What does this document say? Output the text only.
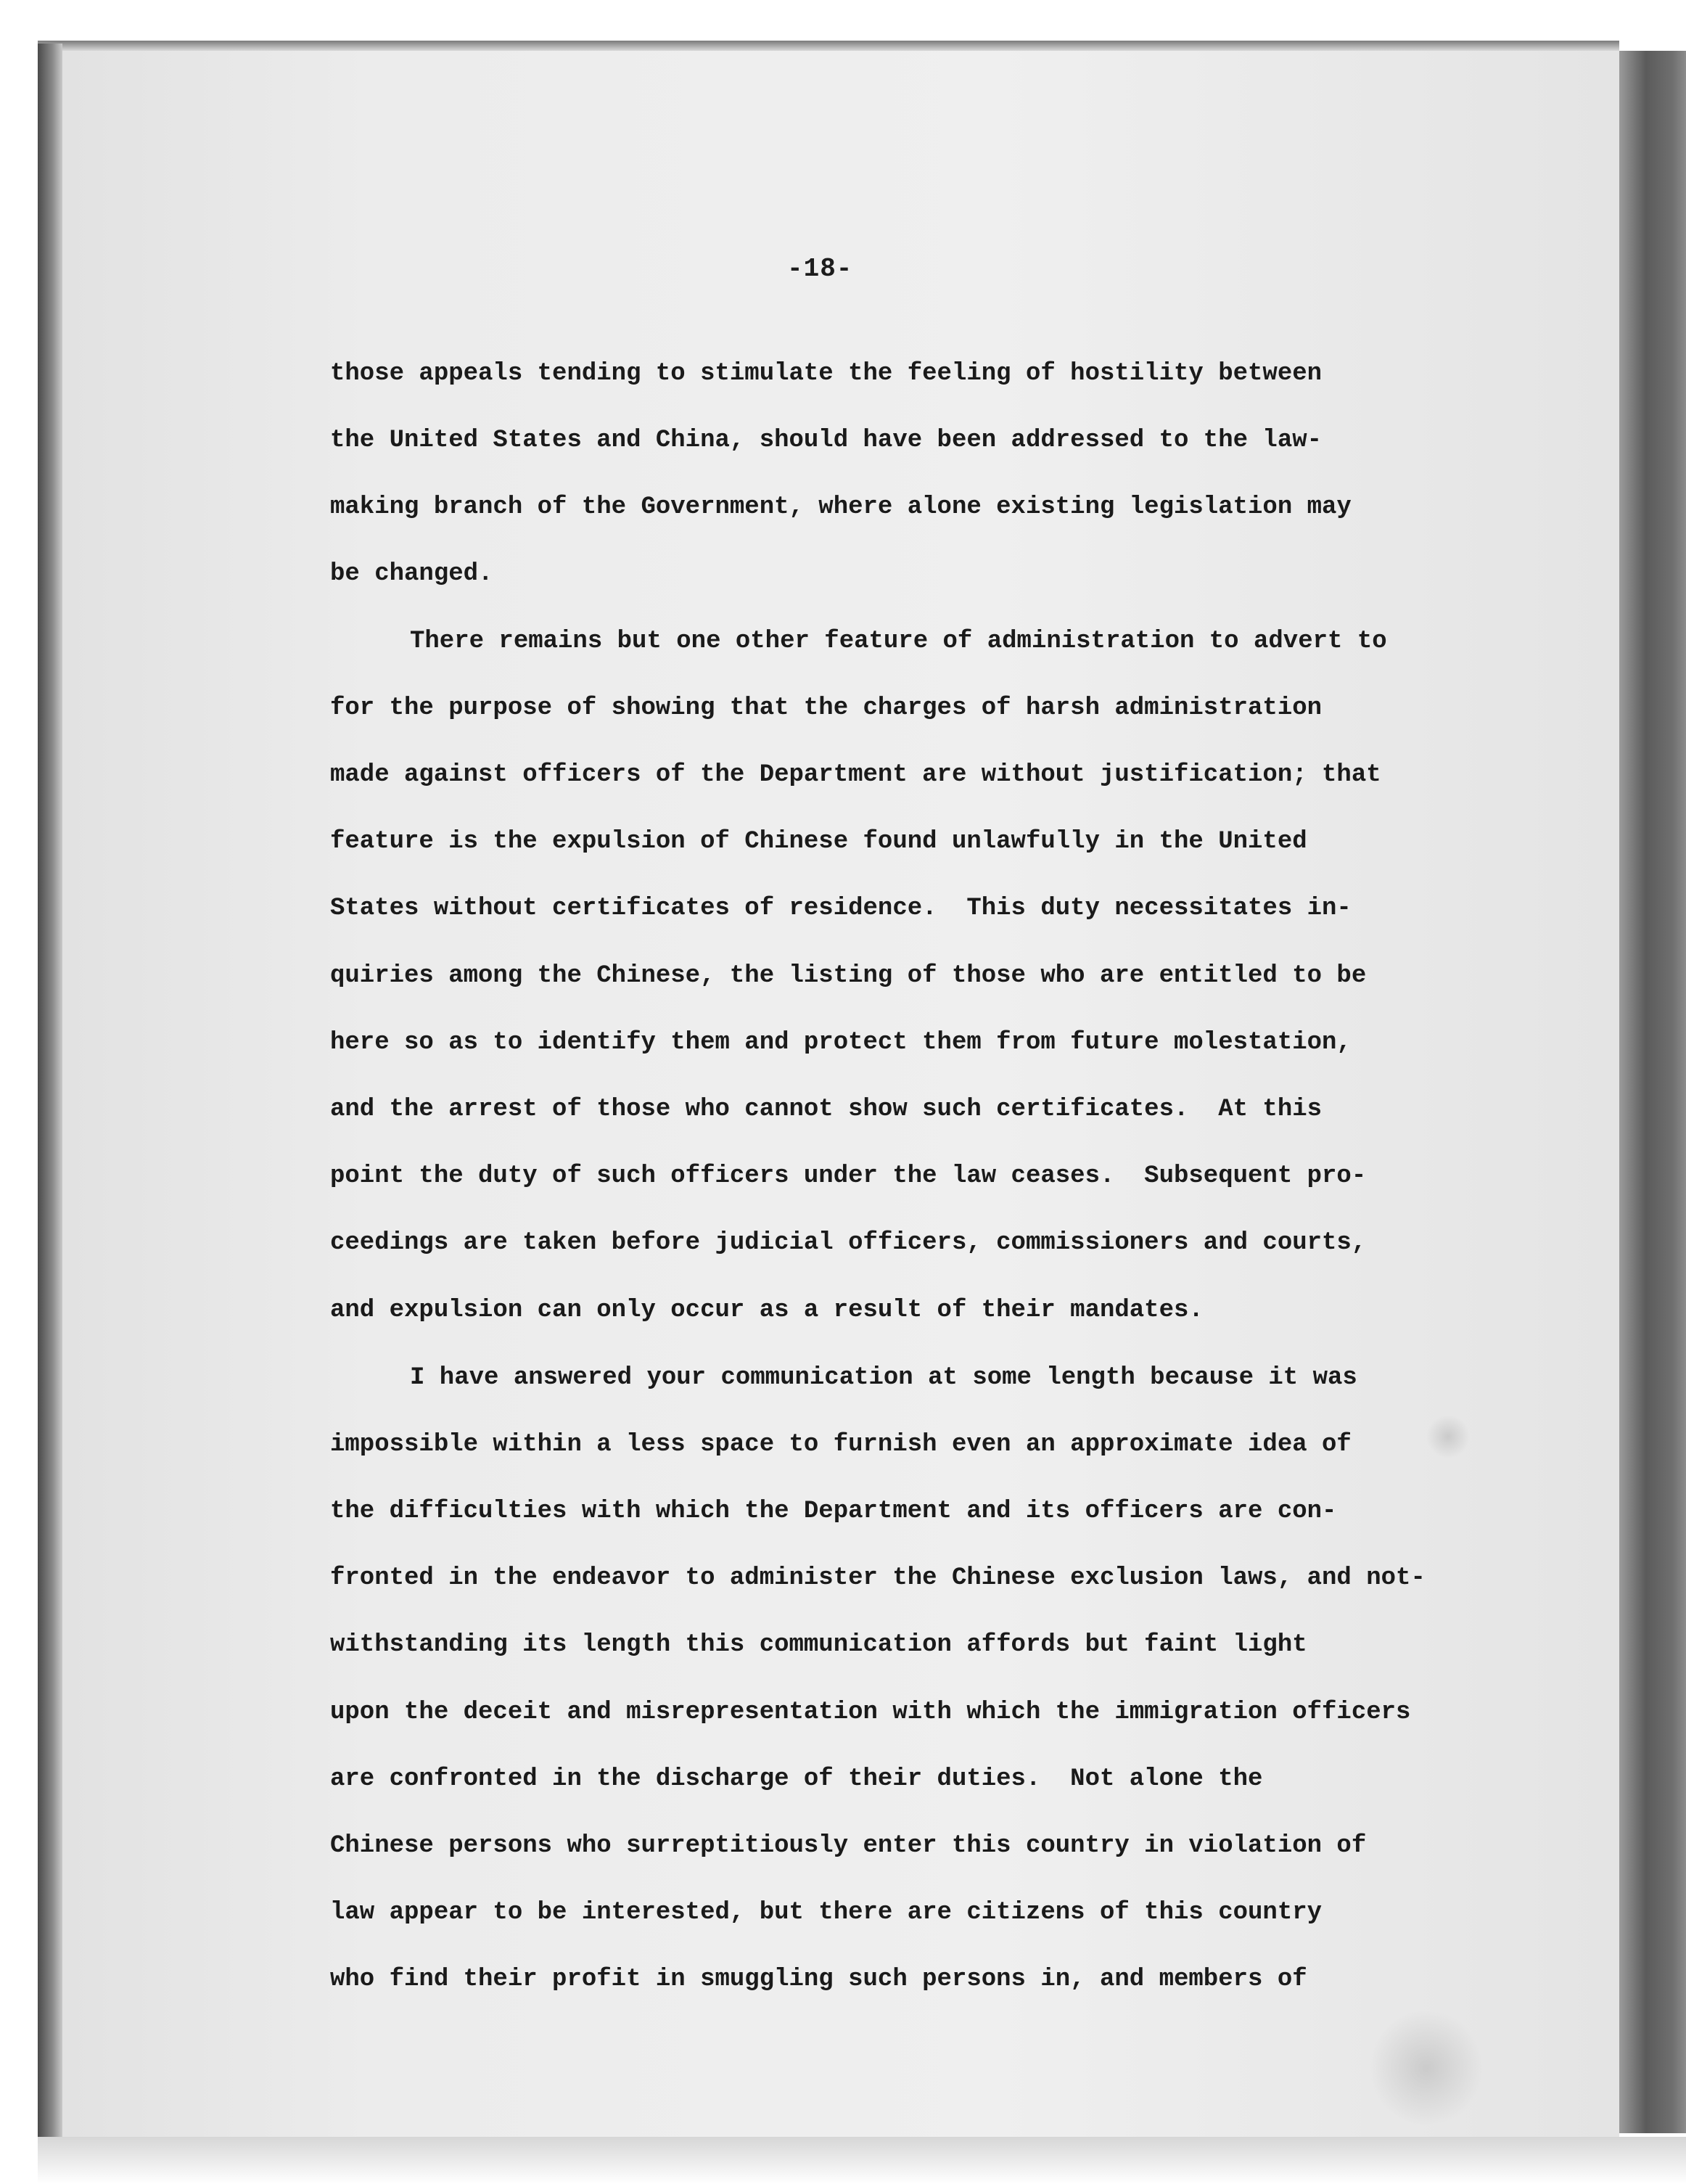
-18-
those appeals tending to stimulate the feeling of hostility between
the United States and China, should have been addressed to the law-
making branch of the Government, where alone existing legislation may
be changed.
There remains but one other feature of administration to advert to
for the purpose of showing that the charges of harsh administration
made against officers of the Department are without justification; that
feature is the expulsion of Chinese found unlawfully in the United
States without certificates of residence.  This duty necessitates in-
quiries among the Chinese, the listing of those who are entitled to be
here so as to identify them and protect them from future molestation,
and the arrest of those who cannot show such certificates.  At this
point the duty of such officers under the law ceases.  Subsequent pro-
ceedings are taken before judicial officers, commissioners and courts,
and expulsion can only occur as a result of their mandates.
I have answered your communication at some length because it was
impossible within a less space to furnish even an approximate idea of
the difficulties with which the Department and its officers are con-
fronted in the endeavor to administer the Chinese exclusion laws, and not-
withstanding its length this communication affords but faint light
upon the deceit and misrepresentation with which the immigration officers
are confronted in the discharge of their duties.  Not alone the
Chinese persons who surreptitiously enter this country in violation of
law appear to be interested, but there are citizens of this country
who find their profit in smuggling such persons in, and members of
